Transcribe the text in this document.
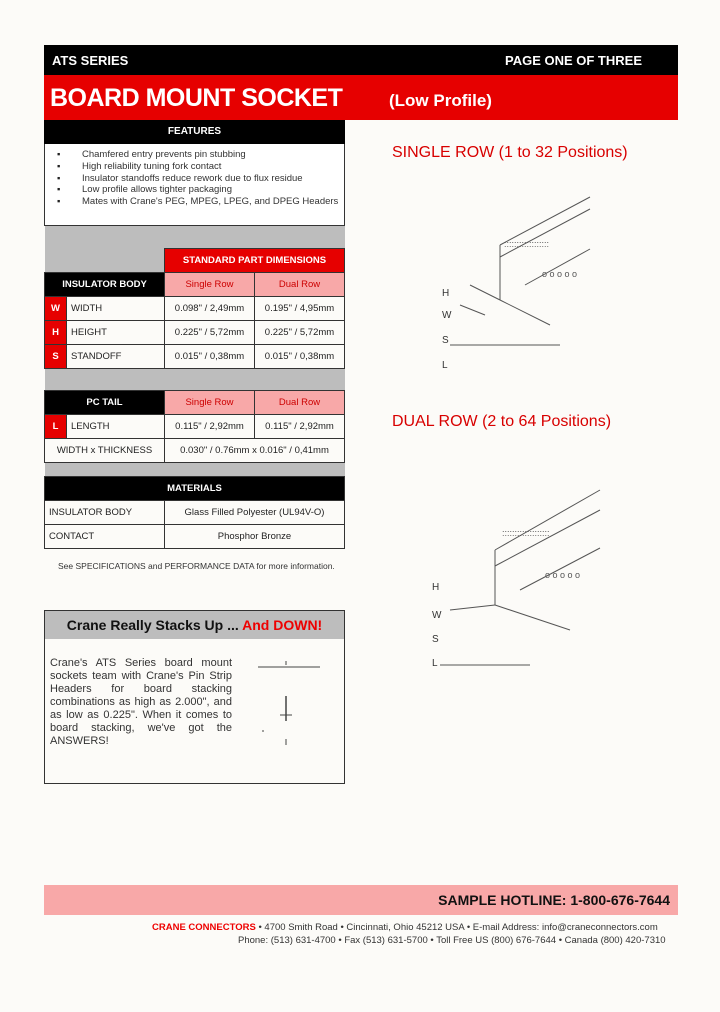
ATS SERIES	PAGE ONE OF THREE
BOARD MOUNT SOCKET	(Low Profile)
FEATURES
▪ Chamfered entry prevents pin stubbing
▪ High reliability tuning fork contact
▪ Insulator standoffs reduce rework due to flux residue
▪ Low profile allows tighter packaging
▪ Mates with Crane's PEG, MPEG, LPEG, and DPEG Headers

		STANDARD PART DIMENSIONS	
INSULATOR BODY		Single Row	Dual Row
W	WIDTH	0.098" / 2,49mm	0.195" / 4,95mm
H	HEIGHT	0.225" / 5,72mm	0.225" / 5,72mm
S	STANDOFF	0.015" / 0,38mm	0.015" / 0,38mm

PC TAIL		Single Row	Dual Row
L	LENGTH	0.115" / 2,92mm	0.115" / 2,92mm
WIDTH x THICKNESS		0.030" / 0.76mm x 0.016" / 0,41mm	

MATERIALS			
INSULATOR BODY		Glass Filled Polyester (UL94V-O)	
CONTACT		Phosphor Bronze	
See SPECIFICATIONS and PERFORMANCE DATA for more information.
Crane Really Stacks Up ... And DOWN!
Crane's ATS Series board mount sockets team with Crane's Pin Strip Headers for board stacking combinations as high as 2.000", and as low as 0.225". When it comes to board stacking, we've got the ANSWERS!
SINGLE ROW (1 to 32 Positions)
::::::::::::::::::
o o o o o
H
W
S
L
DUAL ROW (2 to 64 Positions)
:::::::::::::::::::
o o o o o
H
W
S
L
SAMPLE HOTLINE: 1-800-676-7644
CRANE CONNECTORS • 4700 Smith Road • Cincinnati, Ohio 45212 USA • E-mail Address: info@craneconnectors.com
Phone: (513) 631-4700 • Fax (513) 631-5700 • Toll Free US (800) 676-7644 • Canada (800) 420-7310
